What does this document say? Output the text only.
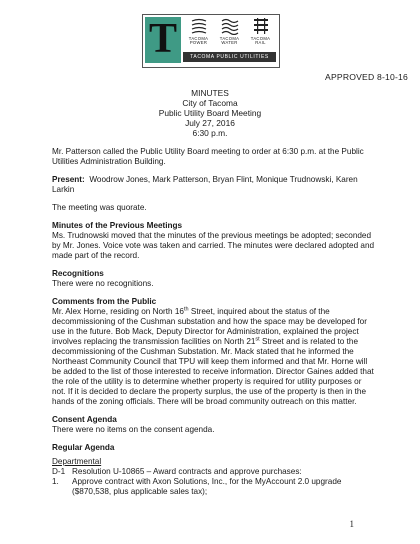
T	TACOMA
POWER
TACOMA
WATER
TACOMA
RAIL
TACOMA PUBLIC UTILITIES
APPROVED 8-10-16
MINUTES
City of Tacoma
Public Utility Board Meeting
July 27, 2016
6:30 p.m.

Mr. Patterson called the Public Utility Board meeting to order at 6:30 p.m. at the Public Utilities Administration Building.

Present: Woodrow Jones, Mark Patterson, Bryan Flint, Monique Trudnowski, Karen Larkin

The meeting was quorate.

Minutes of the Previous Meetings

Ms. Trudnowski moved that the minutes of the previous meetings be adopted; seconded by Mr. Jones. Voice vote was taken and carried. The minutes were declared adopted and made part of the record.

Recognitions

There were no recognitions.

Comments from the Public

Mr. Alex Horne, residing on North 16th Street, inquired about the status of the decommissioning of the Cushman substation and how the space may be developed for use in the future. Bob Mack, Deputy Director for Administration, explained the project involves replacing the transmission facilities on North 21st Street and is related to the decommissioning of the Cushman Substation. Mr. Mack stated that he informed the Northeast Community Council that TPU will keep them informed and that Mr. Horne will be added to the list of those interested to receive information. Director Gaines added that the role of the utility is to determine whether property is required for utility purposes or not. If it is decided to declare the property surplus, the use of the property is then in the hands of the zoning officials. There will be broad community outreach on this matter.

Consent Agenda

There were no items on the consent agenda.

Regular Agenda

Departmental

D-1 Resolution U-10865 – Award contracts and approve purchases:
1.	Approve contract with Axon Solutions, Inc., for the MyAccount 2.0 upgrade ($870,538, plus applicable sales tax);
1
